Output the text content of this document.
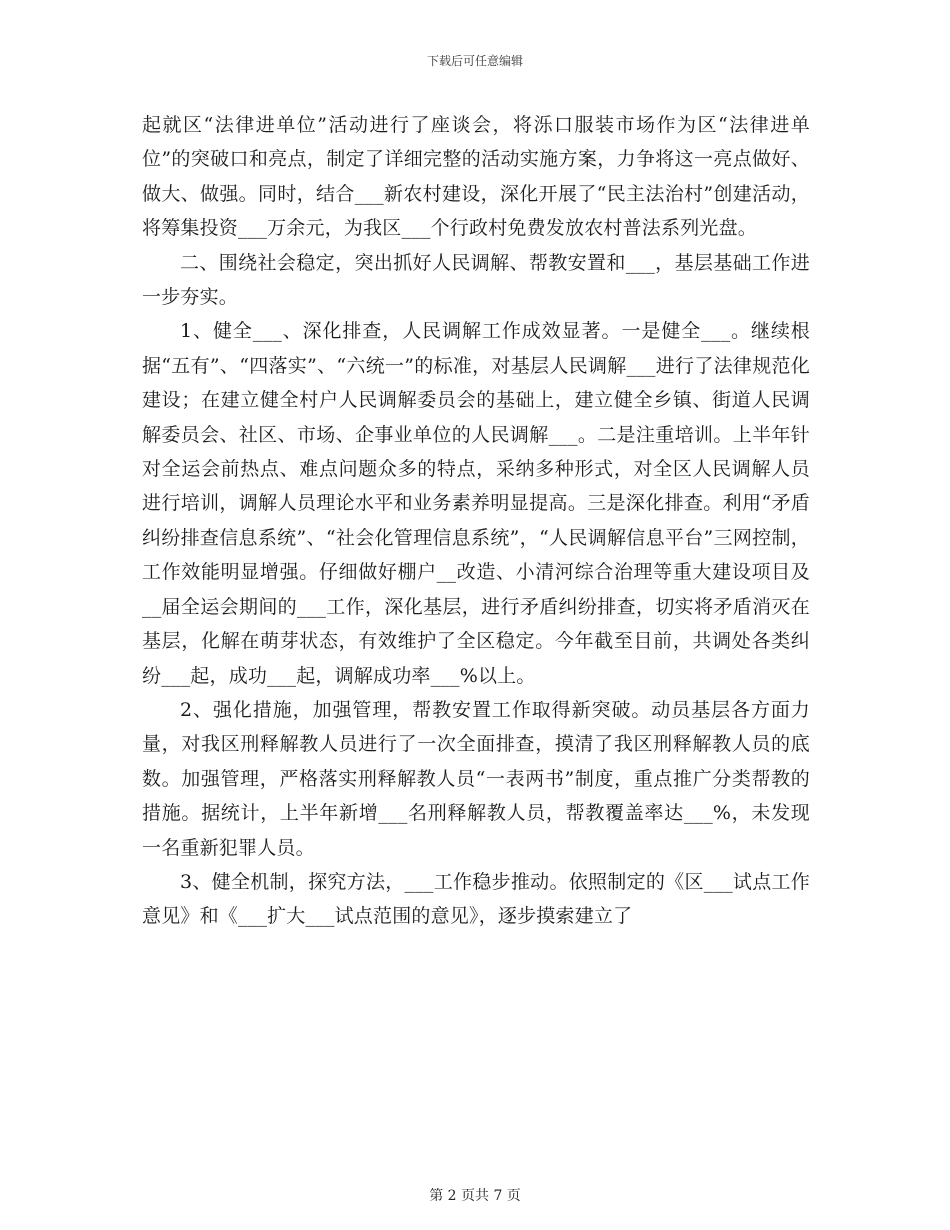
下载后可任意编辑

起就区“法律进单位”活动进行了座谈会，将泺口服装市场作为区“法律进单位”的突破口和亮点，制定了详细完整的活动实施方案，力争将这一亮点做好、做大、做强。同时，结合___新农村建设，深化开展了“民主法治村”创建活动，将筹集投资___万余元，为我区___个行政村免费发放农村普法系列光盘。

二、围绕社会稳定，突出抓好人民调解、帮教安置和___，基层基础工作进一步夯实。

1、健全___、深化排查，人民调解工作成效显著。一是健全___。继续根据“五有”、“四落实”、“六统一”的标准，对基层人民调解___进行了法律规范化建设；在建立健全村户人民调解委员会的基础上，建立健全乡镇、街道人民调解委员会、社区、市场、企事业单位的人民调解___。二是注重培训。上半年针对全运会前热点、难点问题众多的特点，采纳多种形式，对全区人民调解人员进行培训，调解人员理论水平和业务素养明显提高。三是深化排查。利用“矛盾纠纷排查信息系统”、“社会化管理信息系统”，“人民调解信息平台”三网控制，工作效能明显增强。仔细做好棚户__改造、小清河综合治理等重大建设项目及__届全运会期间的___工作，深化基层，进行矛盾纠纷排查，切实将矛盾消灭在基层，化解在萌芽状态，有效维护了全区稳定。今年截至目前，共调处各类纠纷___起，成功___起，调解成功率___%以上。

2、强化措施，加强管理，帮教安置工作取得新突破。动员基层各方面力量，对我区刑释解教人员进行了一次全面排查，摸清了我区刑释解教人员的底数。加强管理，严格落实刑释解教人员“一表两书”制度，重点推广分类帮教的措施。据统计，上半年新增___名刑释解教人员，帮教覆盖率达___%，未发现一名重新犯罪人员。

3、健全机制，探究方法，___工作稳步推动。依照制定的《区___试点工作意见》和《___扩大___试点范围的意见》，逐步摸索建立了

第 2 页共 7 页
